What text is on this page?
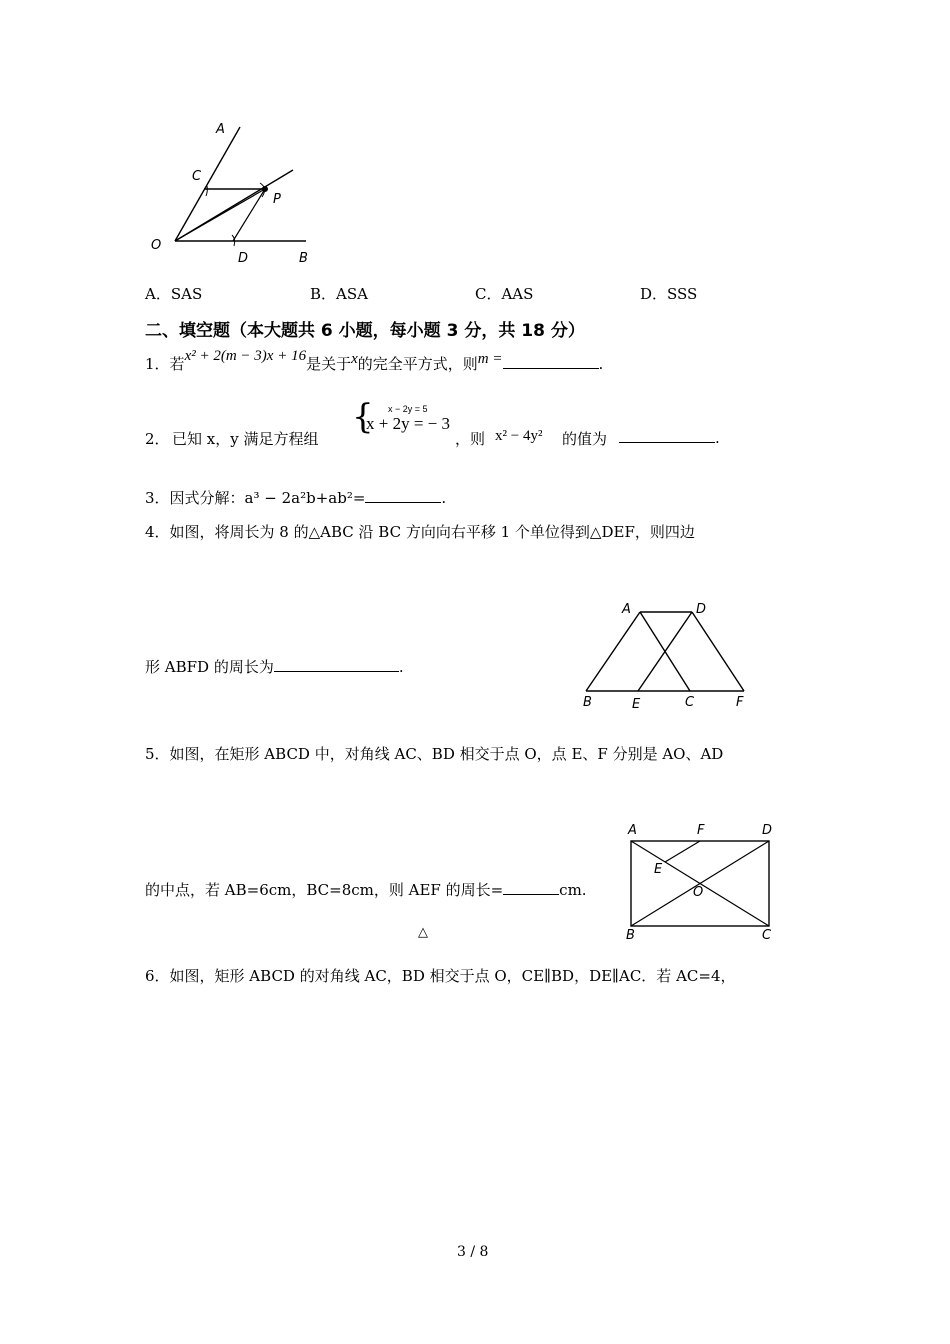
A
C
P
O
D	B
A．SAS	B．ASA	C．AAS	D．SSS
二、填空题（本大题共 6 小题，每小题 3 分，共 18 分）
1．若x² + 2(m − 3)x + 16是关于x的完全平方式，则m =	.
2． 已知 x，y 满足方程组
{ x − 2y = 5
x + 2y = − 3
，则 x² − 4y² 的值为	.
3．因式分解：a³ − 2a²b+ab²=	.
4．如图，将周长为 8 的△ABC 沿 BC 方向向右平移 1 个单位得到△DEF，则四边
形 ABFD 的周长为	.
A	D
B	E	C	F
5．如图，在矩形 ABCD 中，对角线 AC、BD 相交于点 O，点 E、F 分别是 AO、AD
的中点，若 AB=6cm，BC=8cm，则 AEF 的周长=	cm.
△
A	F	D
E
O
B	C
6．如图，矩形 ABCD 的对角线 AC，BD 相交于点 O，CE∥BD，DE∥AC．若 AC=4，
3 / 8
